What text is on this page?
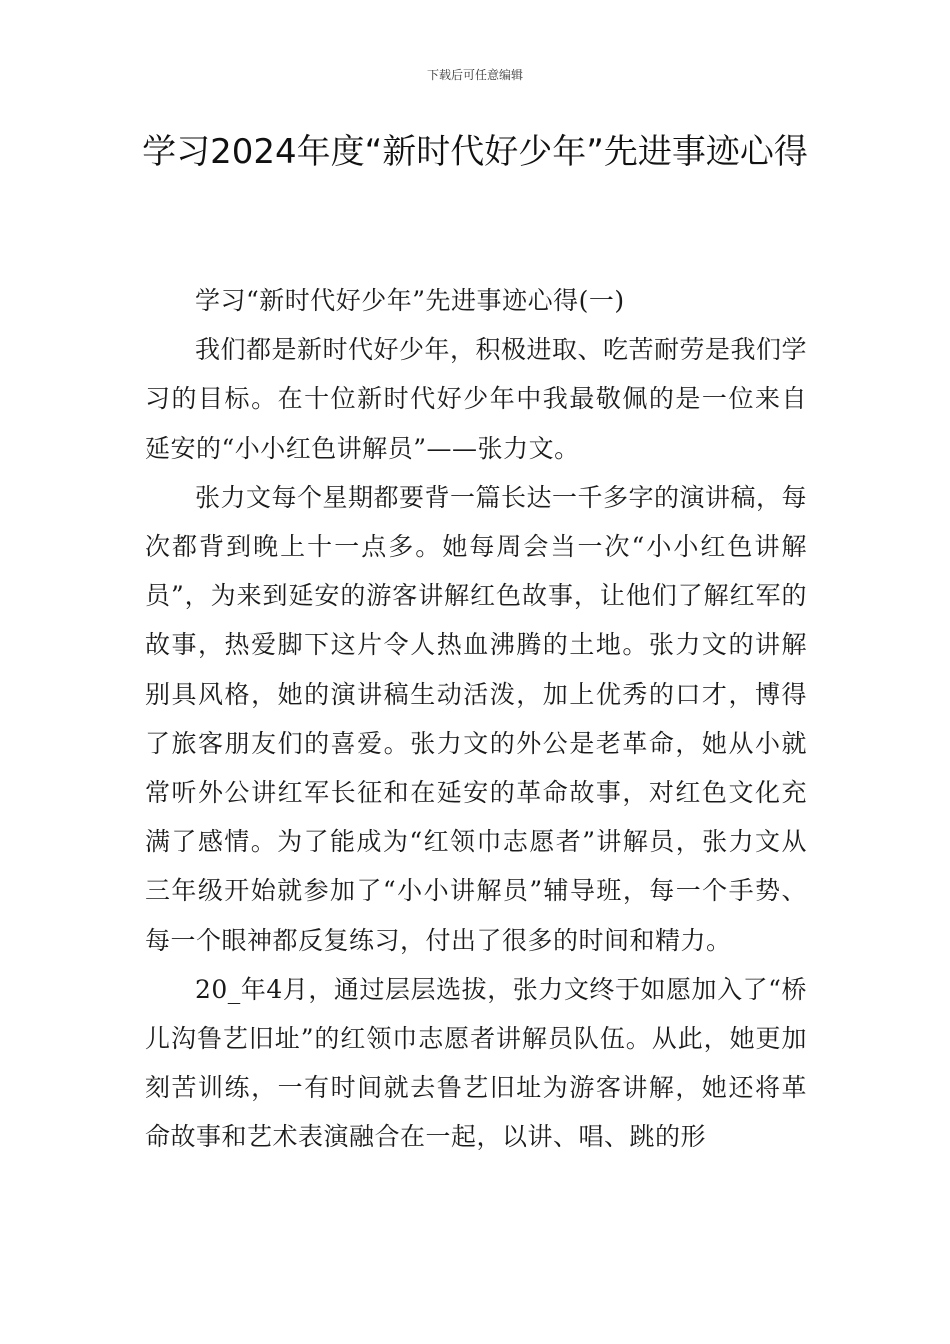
下载后可任意编辑
学习2024年度“新时代好少年”先进事迹心得

学习“新时代好少年”先进事迹心得(一)

我们都是新时代好少年，积极进取、吃苦耐劳是我们学习的目标。在十位新时代好少年中我最敬佩的是一位来自延安的“小小红色讲解员”——张力文。

张力文每个星期都要背一篇长达一千多字的演讲稿，每次都背到晚上十一点多。她每周会当一次“小小红色讲解员”，为来到延安的游客讲解红色故事，让他们了解红军的故事，热爱脚下这片令人热血沸腾的土地。张力文的讲解别具风格，她的演讲稿生动活泼，加上优秀的口才，博得了旅客朋友们的喜爱。张力文的外公是老革命，她从小就常听外公讲红军长征和在延安的革命故事，对红色文化充满了感情。为了能成为“红领巾志愿者”讲解员，张力文从三年级开始就参加了“小小讲解员”辅导班，每一个手势、每一个眼神都反复练习，付出了很多的时间和精力。

20_年4月，通过层层选拔，张力文终于如愿加入了“桥儿沟鲁艺旧址”的红领巾志愿者讲解员队伍。从此，她更加刻苦训练，一有时间就去鲁艺旧址为游客讲解，她还将革命故事和艺术表演融合在一起，以讲、唱、跳的形
